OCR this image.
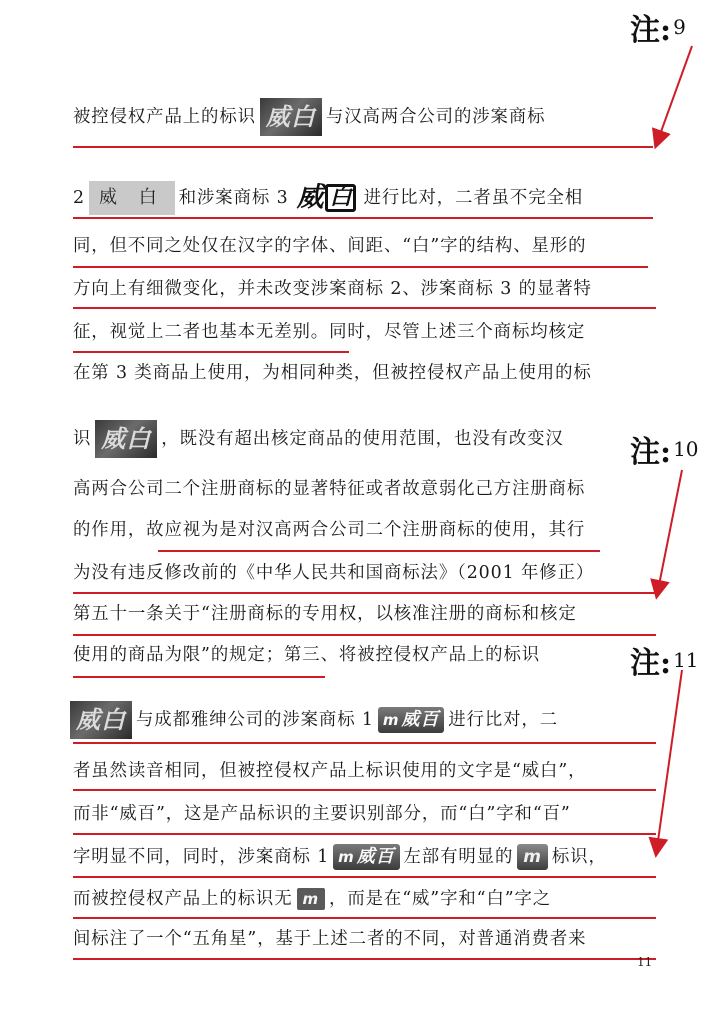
注: $^9$
注: $^{10}$
注: $^{11}$
被控侵权产品上的标识 威白 与汉高两合公司的涉案商标
2 威 白 和涉案商标 3 威 白 进行比对，二者虽不完全相
同，但不同之处仅在汉字的字体、间距、“白”字的结构、星形的
方向上有细微变化，并未改变涉案商标 2、涉案商标 3 的显著特
征，视觉上二者也基本无差别。同时，尽管上述三个商标均核定
在第 3 类商品上使用，为相同种类，但被控侵权产品上使用的标
识 威白 ，既没有超出核定商品的使用范围，也没有改变汉
高两合公司二个注册商标的显著特征或者故意弱化己方注册商标
的作用，故应视为是对汉高两合公司二个注册商标的使用，其行
为没有违反修改前的《中华人民共和国商标法》（2001 年修正）
第五十一条关于“注册商标的专用权，以核准注册的商标和核定
使用的商品为限”的规定；第三、将被控侵权产品上的标识
威白 与成都雅绅公司的涉案商标 1 m 威百 进行比对，二
者虽然读音相同，但被控侵权产品上标识使用的文字是“威白”，
而非“威百”，这是产品标识的主要识别部分，而“白”字和“百”
字明显不同，同时，涉案商标 1 m 威百 左部有明显的 m 标识，
而被控侵权产品上的标识无 m ，而是在“威”字和“白”字之
间标注了一个“五角星”，基于上述二者的不同，对普通消费者来
11
